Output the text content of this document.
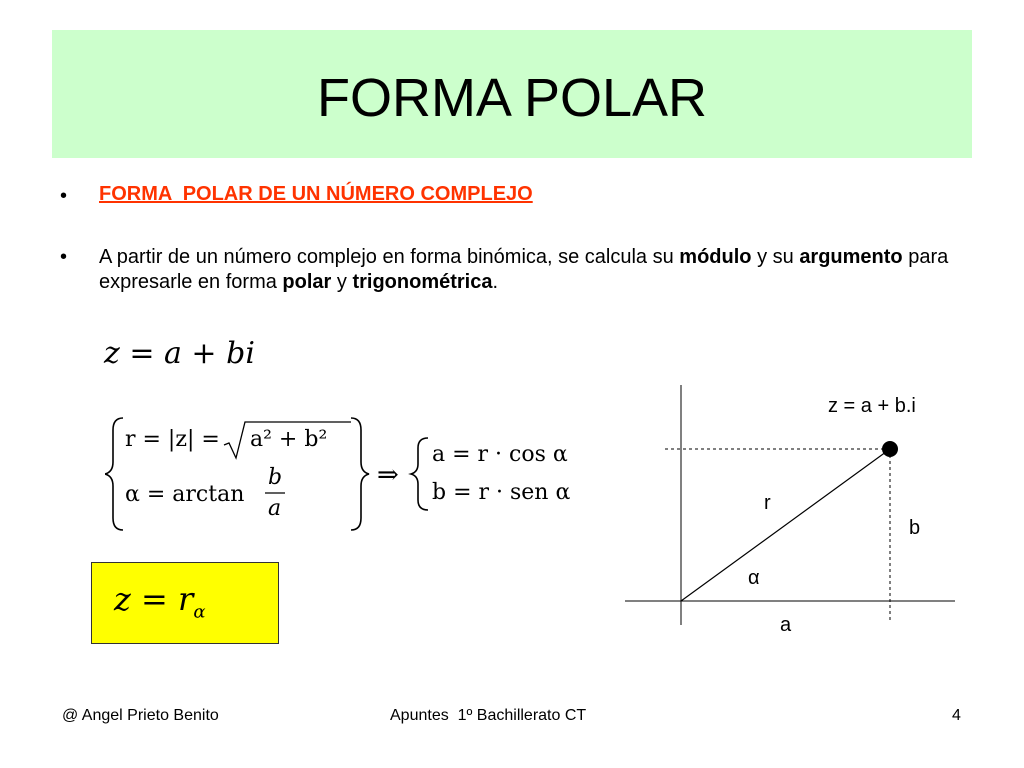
FORMA POLAR
• FORMA  POLAR DE UN NÚMERO COMPLEJO
• A partir de un número complejo en forma binómica, se calcula su módulo y su argumento para expresarle en forma polar y trigonométrica.
z = a + bi
r = |z| = a² + b²
α = arctan
b
a
⇒
a = r · cos α
b = r · sen α
$z = r_\alpha$
z = a + b.i
r
b
α
a
@ Angel Prieto Benito	Apuntes  1º Bachillerato CT	4
